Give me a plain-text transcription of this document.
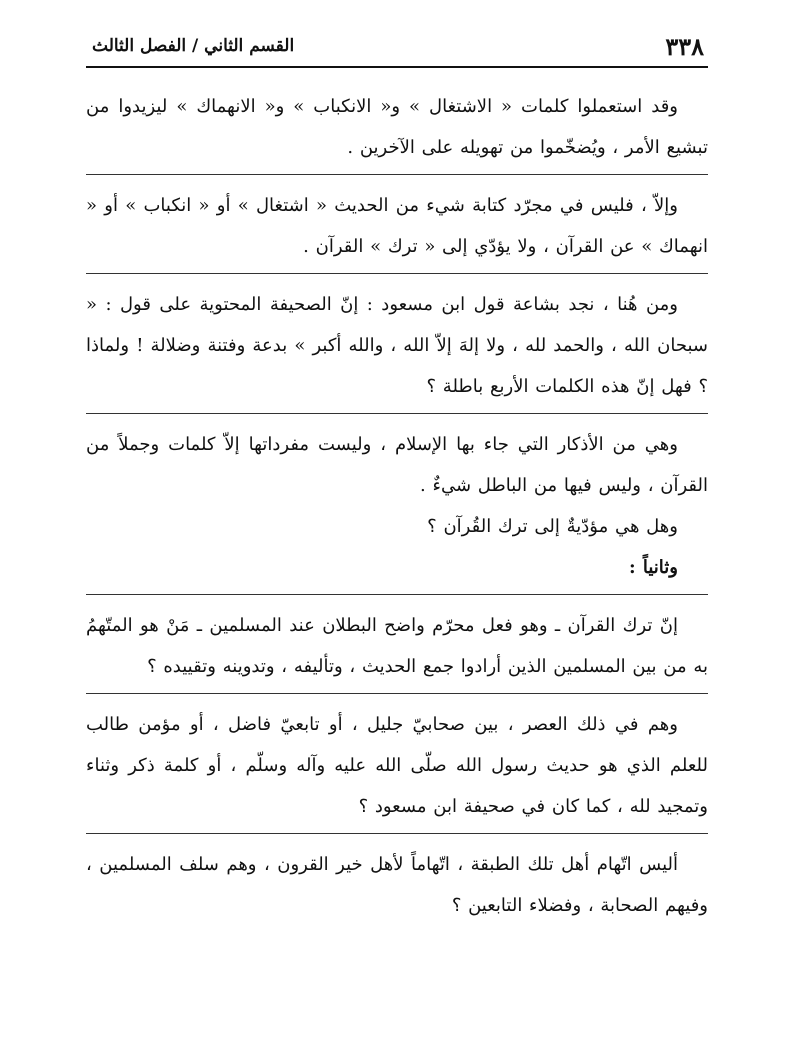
٣٣٨
القسم الثاني / الفصل الثالث

وقد استعملوا كلمات « الاشتغال » و« الانكباب » و« الانهماك » ليزيدوا من تبشيع الأمر ، ويُضخّموا من تهويله على الآخرين .

وإلاّ ، فليس في مجرّد كتابة شيء من الحديث « اشتغال » أو « انكباب » أو « انهماك » عن القرآن ، ولا يؤدّي إلى « ترك » القرآن .

ومن هُنا ، نجد بشاعة قول ابن مسعود : إنّ الصحيفة المحتوية على قول : « سبحان الله ، والحمد لله ، ولا إلهَ إلاّ الله ، والله أكبر » بدعة وفتنة وضلالة ! ولماذا ؟ فهل إنّ هذه الكلمات الأربع باطلة ؟

وهي من الأذكار التي جاء بها الإسلام ، وليست مفرداتها إلاّ كلمات وجملاً من القرآن ، وليس فيها من الباطل شيءٌ .

وهل هي مؤدّيةٌ إلى ترك القُرآن ؟

وثانياً :

إنّ ترك القرآن ـ وهو فعل محرّم واضح البطلان عند المسلمين ـ مَنْ هو المتّهمُ به من بين المسلمين الذين أرادوا جمع الحديث ، وتأليفه ، وتدوينه وتقييده ؟

وهم في ذلك العصر ، بين صحابيّ جليل ، أو تابعيّ فاضل ، أو مؤمن طالب للعلم الذي هو حديث رسول الله صلّى الله عليه وآله وسلّم ، أو كلمة ذكر وثناء وتمجيد لله ، كما كان في صحيفة ابن مسعود ؟

أليس اتّهام أهل تلك الطبقة ، اتّهاماً لأهل خير القرون ، وهم سلف المسلمين ، وفيهم الصحابة ، وفضلاء التابعين ؟
